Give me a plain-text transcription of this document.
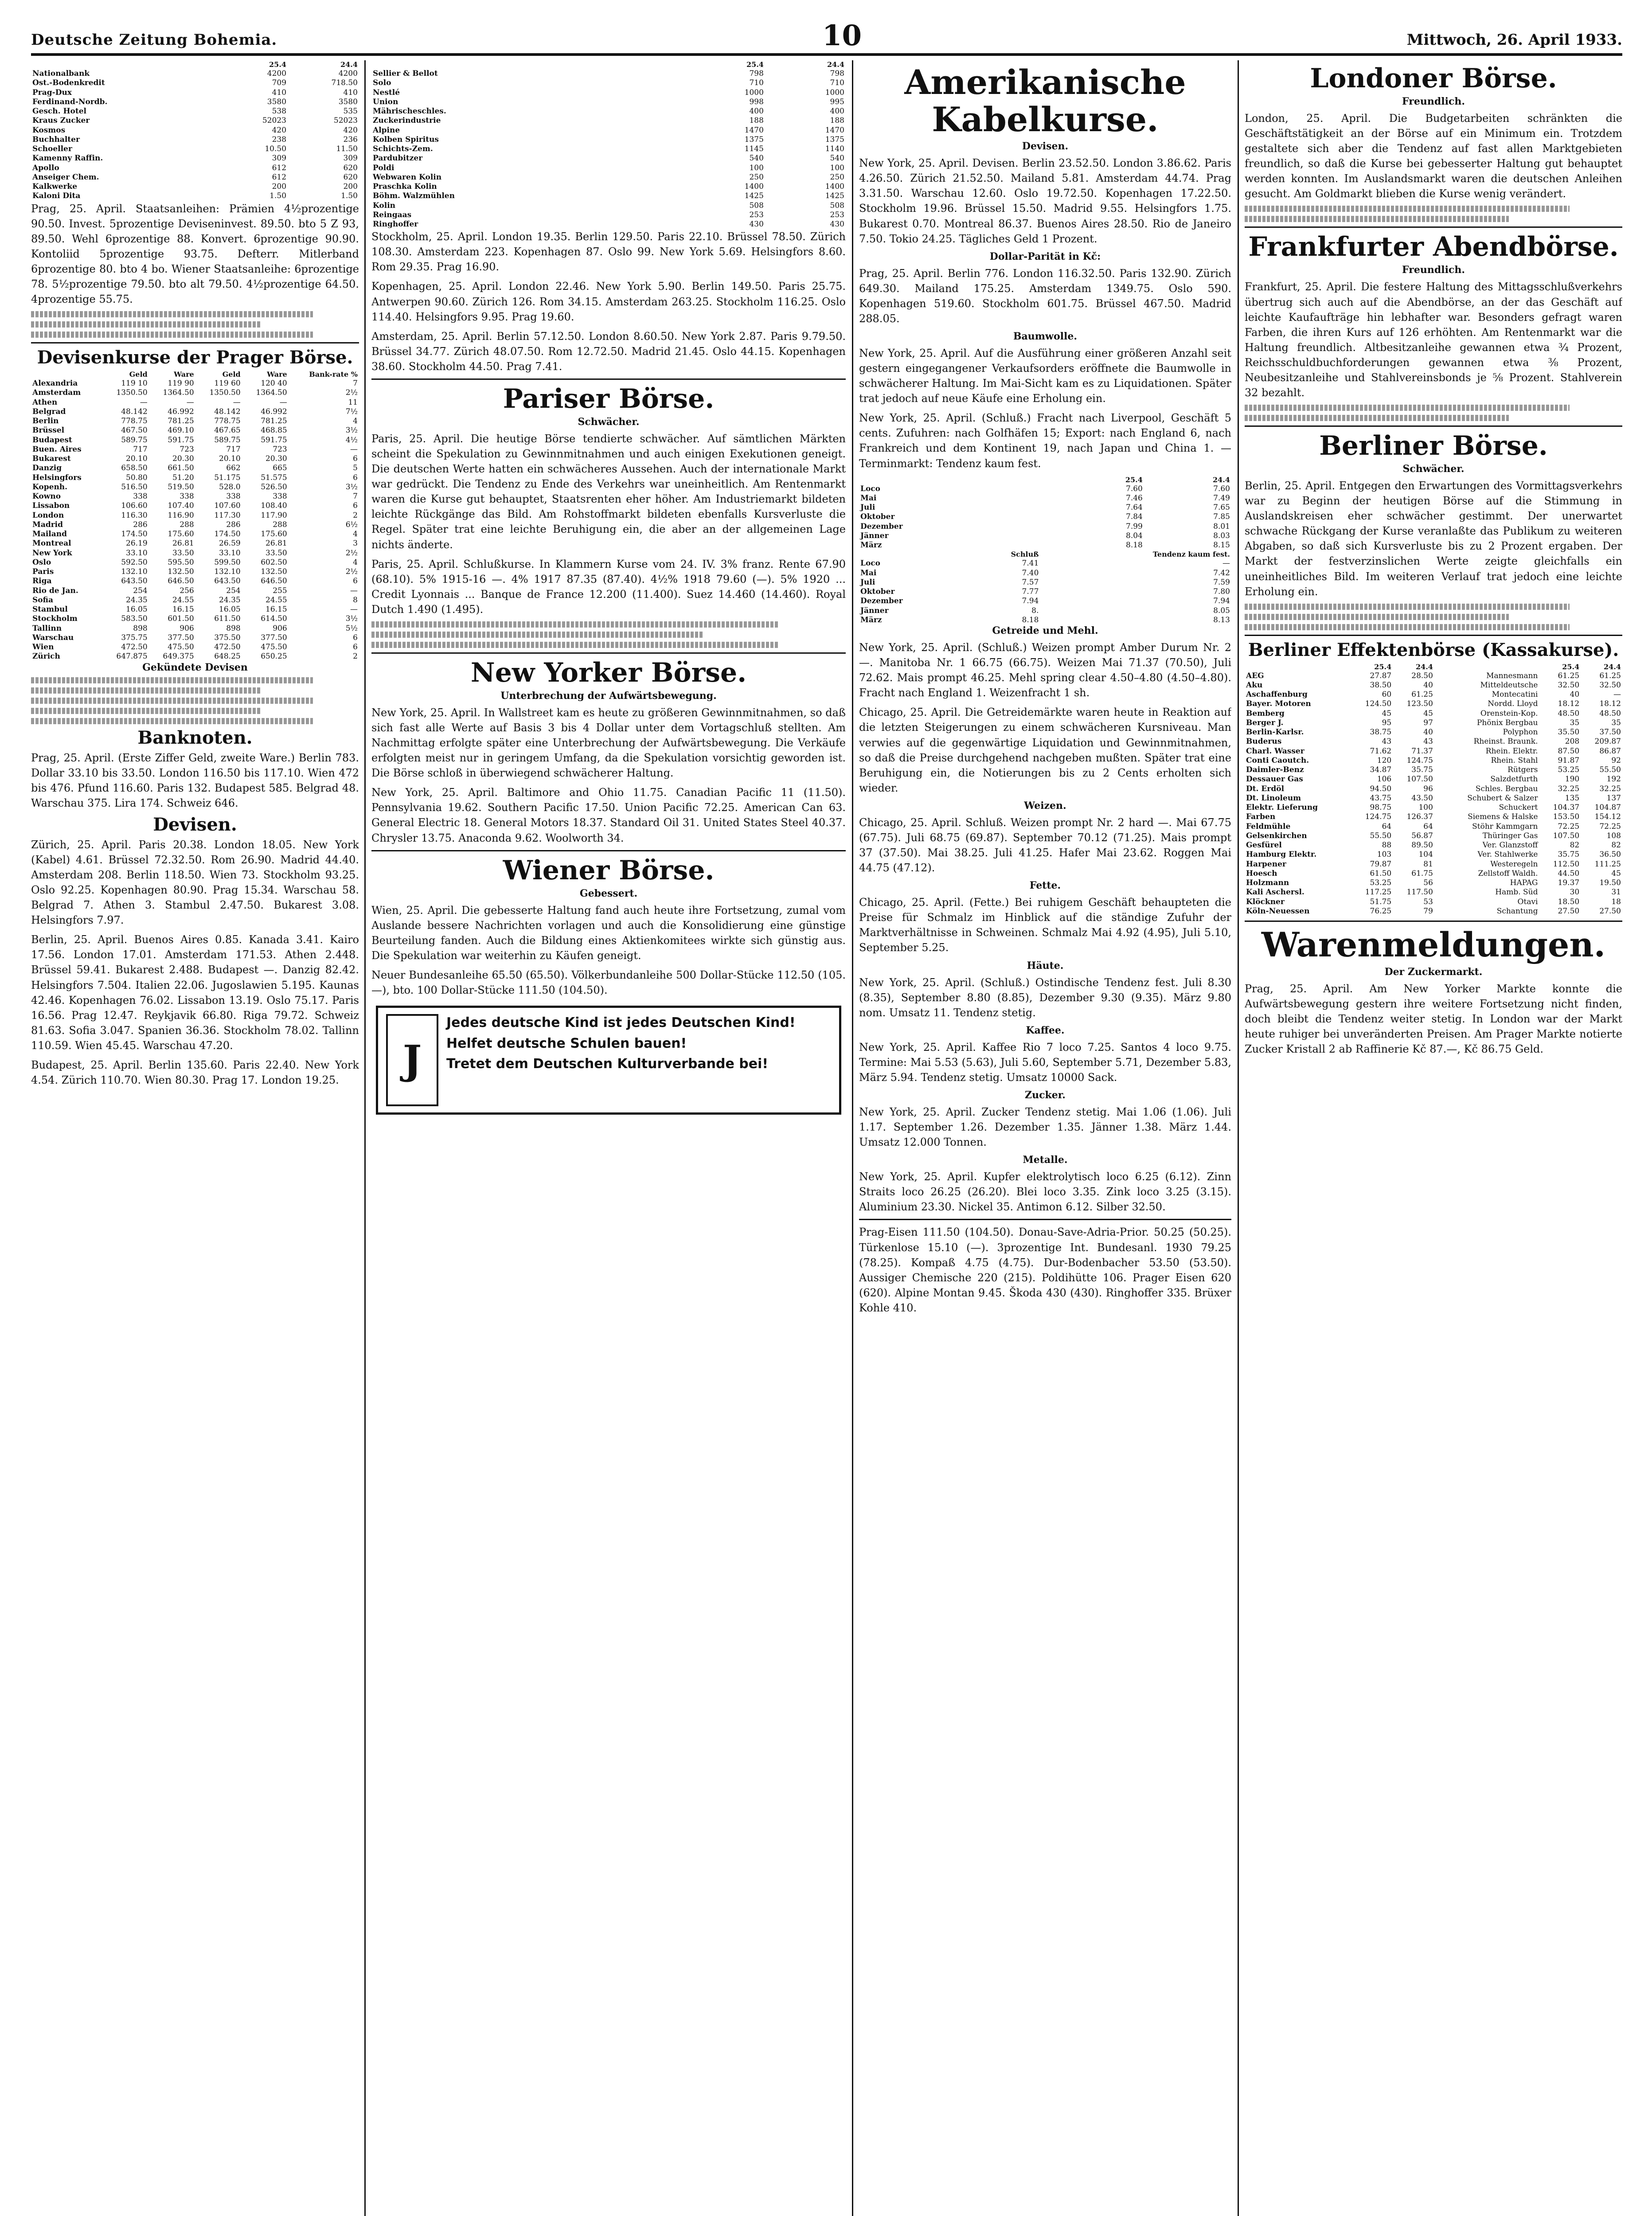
Deutsche Zeitung Bohemia.	10	Mittwoch, 26. April 1933.
	25.4	24.4
Nationalbank	4200	4200
Ost.-Bodenkredit	709	718.50
Prag-Dux	410	410
Ferdinand-Nordb.	3580	3580
Gesch. Hotel	538	535
Kraus Zucker	52023	52023
Kosmos	420	420
Buchhalter	238	236
Schoeller	10.50	11.50
Kamenny Raffin.	309	309
Apollo	612	620
Anseiger Chem.	612	620
Kalkwerke	200	200
Kaloni Dita	1.50	1.50

Prag, 25. April. Staatsanleihen: Prämien 4½prozentige 90.50. Invest. 5prozentige Deviseninvest. 89.50. bto 5 Z 93, 89.50. Wehl 6prozentige 88. Konvert. 6prozentige 90.90. Kontoliid 5prozentige 93.75. Defterr. Mitlerband 6prozentige 80. bto 4 bo. Wiener Staatsanleihe: 6prozentige 78. 5½prozentige 79.50. bto alt 79.50. 4½prozentige 64.50. 4prozentige 55.75.

Devisenkurse der Prager Börse.
	Geld	Ware	Geld	Ware	Bank-rate %
Alexandria	119 10	119 90	119 60	120 40	7
Amsterdam	1350.50	1364.50	1350.50	1364.50	2½
Athen	—	—	—	—	11
Belgrad	48.142	46.992	48.142	46.992	7½
Berlin	778.75	781.25	778.75	781.25	4
Brüssel	467.50	469.10	467.65	468.85	3½
Budapest	589.75	591.75	589.75	591.75	4½
Buen. Aires	717	723	717	723	—
Bukarest	20.10	20.30	20.10	20.30	6
Danzig	658.50	661.50	662	665	5
Helsingfors	50.80	51.20	51.175	51.575	6
Kopenh.	516.50	519.50	528.0	526.50	3½
Kowno	338	338	338	338	7
Lissabon	106.60	107.40	107.60	108.40	6
London	116.30	116.90	117.30	117.90	2
Madrid	286	288	286	288	6½
Mailand	174.50	175.60	174.50	175.60	4
Montreal	26.19	26.81	26.59	26.81	3
New York	33.10	33.50	33.10	33.50	2½
Oslo	592.50	595.50	599.50	602.50	4
Paris	132.10	132.50	132.10	132.50	2½
Riga	643.50	646.50	643.50	646.50	6
Rio de Jan.	254	256	254	255	—
Sofia	24.35	24.55	24.35	24.55	8
Stambul	16.05	16.15	16.05	16.15	—
Stockholm	583.50	601.50	611.50	614.50	3½
Tallinn	898	906	898	906	5½
Warschau	375.75	377.50	375.50	377.50	6
Wien	472.50	475.50	472.50	475.50	6
Zürich	647.875	649.375	648.25	650.25	2
Gekündete Devisen
Banknoten.

Prag, 25. April. (Erste Ziffer Geld, zweite Ware.) Berlin 783. Dollar 33.10 bis 33.50. London 116.50 bis 117.10. Wien 472 bis 476. Pfund 116.60. Paris 132. Budapest 585. Belgrad 48. Warschau 375. Lira 174. Schweiz 646.

Devisen.

Zürich, 25. April. Paris 20.38. London 18.05. New York (Kabel) 4.61. Brüssel 72.32.50. Rom 26.90. Madrid 44.40. Amsterdam 208. Berlin 118.50. Wien 73. Stockholm 93.25. Oslo 92.25. Kopenhagen 80.90. Prag 15.34. Warschau 58. Belgrad 7. Athen 3. Stambul 2.47.50. Bukarest 3.08. Helsingfors 7.97.

Berlin, 25. April. Buenos Aires 0.85. Kanada 3.41. Kairo 17.56. London 17.01. Amsterdam 171.53. Athen 2.448. Brüssel 59.41. Bukarest 2.488. Budapest —. Danzig 82.42. Helsingfors 7.504. Italien 22.06. Jugoslawien 5.195. Kaunas 42.46. Kopenhagen 76.02. Lissabon 13.19. Oslo 75.17. Paris 16.56. Prag 12.47. Reykjavik 66.80. Riga 79.72. Schweiz 81.63. Sofia 3.047. Spanien 36.36. Stockholm 78.02. Tallinn 110.59. Wien 45.45. Warschau 47.20.

Budapest, 25. April. Berlin 135.60. Paris 22.40. New York 4.54. Zürich 110.70. Wien 80.30. Prag 17. London 19.25.

	25.4	24.4
Sellier & Bellot	798	798
Solo	710	710
Nestlé	1000	1000
Union	998	995
Mährischeschles.	400	400
Zuckerindustrie	188	188
Alpine	1470	1470
Kolben Spiritus	1375	1375
Schichts-Zem.	1145	1140
Pardubitzer	540	540
Poldi	100	100
Webwaren Kolin	250	250
Praschka Kolin	1400	1400
Böhm. Walzmühlen	1425	1425
Kolin	508	508
Reingaas	253	253
Ringhoffer	430	430

Stockholm, 25. April. London 19.35. Berlin 129.50. Paris 22.10. Brüssel 78.50. Zürich 108.30. Amsterdam 223. Kopenhagen 87. Oslo 99. New York 5.69. Helsingfors 8.60. Rom 29.35. Prag 16.90.

Kopenhagen, 25. April. London 22.46. New York 5.90. Berlin 149.50. Paris 25.75. Antwerpen 90.60. Zürich 126. Rom 34.15. Amsterdam 263.25. Stockholm 116.25. Oslo 114.40. Helsingfors 9.95. Prag 19.60.

Amsterdam, 25. April. Berlin 57.12.50. London 8.60.50. New York 2.87. Paris 9.79.50. Brüssel 34.77. Zürich 48.07.50. Rom 12.72.50. Madrid 21.45. Oslo 44.15. Kopenhagen 38.60. Stockholm 44.50. Prag 7.41.

Pariser Börse.
Schwächer.

Paris, 25. April. Die heutige Börse tendierte schwächer. Auf sämtlichen Märkten scheint die Spekulation zu Gewinnmitnahmen und auch einigen Exekutionen geneigt. Die deutschen Werte hatten ein schwächeres Aussehen. Auch der internationale Markt war gedrückt. Die Tendenz zu Ende des Verkehrs war uneinheitlich. Am Rentenmarkt waren die Kurse gut behauptet, Staatsrenten eher höher. Am Industriemarkt bildeten leichte Rückgänge das Bild. Am Rohstoffmarkt bildeten ebenfalls Kursverluste die Regel. Später trat eine leichte Beruhigung ein, die aber an der allgemeinen Lage nichts änderte.

Paris, 25. April. Schlußkurse. In Klammern Kurse vom 24. IV. 3% franz. Rente 67.90 (68.10). 5% 1915-16 —. 4% 1917 87.35 (87.40). 4½% 1918 79.60 (—). 5% 1920 ... Credit Lyonnais ... Banque de France 12.200 (11.400). Suez 14.460 (14.460). Royal Dutch 1.490 (1.495).

New Yorker Börse.
Unterbrechung der Aufwärtsbewegung.

New York, 25. April. In Wallstreet kam es heute zu größeren Gewinnmitnahmen, so daß sich fast alle Werte auf Basis 3 bis 4 Dollar unter dem Vortagschluß stellten. Am Nachmittag erfolgte später eine Unterbrechung der Aufwärtsbewegung. Die Verkäufe erfolgten meist nur in geringem Umfang, da die Spekulation vorsichtig geworden ist. Die Börse schloß in überwiegend schwächerer Haltung.

New York, 25. April. Baltimore and Ohio 11.75. Canadian Pacific 11 (11.50). Pennsylvania 19.62. Southern Pacific 17.50. Union Pacific 72.25. American Can 63. General Electric 18. General Motors 18.37. Standard Oil 31. United States Steel 40.37. Chrysler 13.75. Anaconda 9.62. Woolworth 34.

Wiener Börse.
Gebessert.

Wien, 25. April. Die gebesserte Haltung fand auch heute ihre Fortsetzung, zumal vom Auslande bessere Nachrichten vorlagen und auch die Konsolidierung eine günstige Beurteilung fanden. Auch die Bildung eines Aktienkomitees wirkte sich günstig aus. Die Spekulation war weiterhin zu Käufen geneigt.

Neuer Bundesanleihe 65.50 (65.50). Völkerbundanleihe 500 Dollar-Stücke 112.50 (105.—), bto. 100 Dollar-Stücke 111.50 (104.50).

J
Jedes deutsche Kind ist jedes Deutschen Kind!
Helfet deutsche Schulen bauen!
Tretet dem Deutschen Kulturverbande bei!
Amerikanische Kabelkurse.
Devisen.

New York, 25. April. Devisen. Berlin 23.52.50. London 3.86.62. Paris 4.26.50. Zürich 21.52.50. Mailand 5.81. Amsterdam 44.74. Prag 3.31.50. Warschau 12.60. Oslo 19.72.50. Kopenhagen 17.22.50. Stockholm 19.96. Brüssel 15.50. Madrid 9.55. Helsingfors 1.75. Bukarest 0.70. Montreal 86.37. Buenos Aires 28.50. Rio de Janeiro 7.50. Tokio 24.25. Tägliches Geld 1 Prozent.

Dollar-Parität in Kč:

Prag, 25. April. Berlin 776. London 116.32.50. Paris 132.90. Zürich 649.30. Mailand 175.25. Amsterdam 1349.75. Oslo 590. Kopenhagen 519.60. Stockholm 601.75. Brüssel 467.50. Madrid 288.05.

Baumwolle.

New York, 25. April. Auf die Ausführung einer größeren Anzahl seit gestern eingegangener Verkaufsorders eröffnete die Baumwolle in schwächerer Haltung. Im Mai-Sicht kam es zu Liquidationen. Später trat jedoch auf neue Käufe eine Erholung ein.

New York, 25. April. (Schluß.) Fracht nach Liverpool, Geschäft 5 cents. Zufuhren: nach Golfhäfen 15; Export: nach England 6, nach Frankreich und dem Kontinent 19, nach Japan und China 1. — Terminmarkt: Tendenz kaum fest.

	25.4	24.4
Loco	7.60	7.60
Mai	7.46	7.49
Juli	7.64	7.65
Oktober	7.84	7.85
Dezember	7.99	8.01
Jänner	8.04	8.03
März	8.18	8.15
	Schluß	Tendenz kaum fest.
Loco	7.41	—
Mai	7.40	7.42
Juli	7.57	7.59
Oktober	7.77	7.80
Dezember	7.94	7.94
Jänner	8.	8.05
März	8.18	8.13
Getreide und Mehl.

New York, 25. April. (Schluß.) Weizen prompt Amber Durum Nr. 2 —. Manitoba Nr. 1 66.75 (66.75). Weizen Mai 71.37 (70.50), Juli 72.62. Mais prompt 46.25. Mehl spring clear 4.50–4.80 (4.50–4.80). Fracht nach England 1. Weizenfracht 1 sh.

Chicago, 25. April. Die Getreidemärkte waren heute in Reaktion auf die letzten Steigerungen zu einem schwächeren Kursniveau. Man verwies auf die gegenwärtige Liquidation und Gewinnmitnahmen, so daß die Preise durchgehend nachgeben mußten. Später trat eine Beruhigung ein, die Notierungen bis zu 2 Cents erholten sich wieder.

Weizen.

Chicago, 25. April. Schluß. Weizen prompt Nr. 2 hard —. Mai 67.75 (67.75). Juli 68.75 (69.87). September 70.12 (71.25). Mais prompt 37 (37.50). Mai 38.25. Juli 41.25. Hafer Mai 23.62. Roggen Mai 44.75 (47.12).

Fette.

Chicago, 25. April. (Fette.) Bei ruhigem Geschäft behaupteten die Preise für Schmalz im Hinblick auf die ständige Zufuhr der Marktverhältnisse in Schweinen. Schmalz Mai 4.92 (4.95), Juli 5.10, September 5.25.

Häute.

New York, 25. April. (Schluß.) Ostindische Tendenz fest. Juli 8.30 (8.35), September 8.80 (8.85), Dezember 9.30 (9.35). März 9.80 nom. Umsatz 11. Tendenz stetig.

Kaffee.

New York, 25. April. Kaffee Rio 7 loco 7.25. Santos 4 loco 9.75. Termine: Mai 5.53 (5.63), Juli 5.60, September 5.71, Dezember 5.83, März 5.94. Tendenz stetig. Umsatz 10000 Sack.

Zucker.

New York, 25. April. Zucker Tendenz stetig. Mai 1.06 (1.06). Juli 1.17. September 1.26. Dezember 1.35. Jänner 1.38. März 1.44. Umsatz 12.000 Tonnen.

Metalle.

New York, 25. April. Kupfer elektrolytisch loco 6.25 (6.12). Zinn Straits loco 26.25 (26.20). Blei loco 3.35. Zink loco 3.25 (3.15). Aluminium 23.30. Nickel 35. Antimon 6.12. Silber 32.50.

Prag-Eisen 111.50 (104.50). Donau-Save-Adria-Prior. 50.25 (50.25). Türkenlose 15.10 (—). 3prozentige Int. Bundesanl. 1930 79.25 (78.25). Kompaß 4.75 (4.75). Dur-Bodenbacher 53.50 (53.50). Aussiger Chemische 220 (215). Poldihütte 106. Prager Eisen 620 (620). Alpine Montan 9.45. Škoda 430 (430). Ringhoffer 335. Brüxer Kohle 410.

Londoner Börse.
Freundlich.

London, 25. April. Die Budgetarbeiten schränkten die Geschäftstätigkeit an der Börse auf ein Minimum ein. Trotzdem gestaltete sich aber die Tendenz auf fast allen Marktgebieten freundlich, so daß die Kurse bei gebesserter Haltung gut behauptet werden konnten. Im Auslandsmarkt waren die deutschen Anleihen gesucht. Am Goldmarkt blieben die Kurse wenig verändert.

Frankfurter Abendbörse.
Freundlich.

Frankfurt, 25. April. Die festere Haltung des Mittagsschlußverkehrs übertrug sich auch auf die Abendbörse, an der das Geschäft auf leichte Kaufaufträge hin lebhafter war. Besonders gefragt waren Farben, die ihren Kurs auf 126 erhöhten. Am Rentenmarkt war die Haltung freundlich. Altbesitzanleihe gewannen etwa ¾ Prozent, Reichsschuldbuchforderungen gewannen etwa ⅜ Prozent, Neubesitzanleihe und Stahlvereinsbonds je ⅝ Prozent. Stahlverein 32 bezahlt.

Berliner Börse.
Schwächer.

Berlin, 25. April. Entgegen den Erwartungen des Vormittagsverkehrs war zu Beginn der heutigen Börse auf die Stimmung in Auslandskreisen eher schwächer gestimmt. Der unerwartet schwache Rückgang der Kurse veranlaßte das Publikum zu weiteren Abgaben, so daß sich Kursverluste bis zu 2 Prozent ergaben. Der Markt der festverzinslichen Werte zeigte gleichfalls ein uneinheitliches Bild. Im weiteren Verlauf trat jedoch eine leichte Erholung ein.

Berliner Effektenbörse (Kassakurse).
	25.4	24.4		25.4	24.4
AEG	27.87	28.50	Mannesmann	61.25	61.25
Aku	38.50	40	Mitteldeutsche	32.50	32.50
Aschaffenburg	60	61.25	Montecatini	40	—
Bayer. Motoren	124.50	123.50	Nordd. Lloyd	18.12	18.12
Bemberg	45	45	Orenstein-Kop.	48.50	48.50
Berger J.	95	97	Phönix Bergbau	35	35
Berlin-Karlsr.	38.75	40	Polyphon	35.50	37.50
Buderus	43	43	Rheinst. Braunk.	208	209.87
Charl. Wasser	71.62	71.37	Rhein. Elektr.	87.50	86.87
Conti Caoutch.	120	124.75	Rhein. Stahl	91.87	92
Daimler-Benz	34.87	35.75	Rütgers	53.25	55.50
Dessauer Gas	106	107.50	Salzdetfurth	190	192
Dt. Erdöl	94.50	96	Schles. Bergbau	32.25	32.25
Dt. Linoleum	43.75	43.50	Schubert & Salzer	135	137
Elektr. Lieferung	98.75	100	Schuckert	104.37	104.87
Farben	124.75	126.37	Siemens & Halske	153.50	154.12
Feldmühle	64	64	Stöhr Kammgarn	72.25	72.25
Gelsenkirchen	55.50	56.87	Thüringer Gas	107.50	108
Gesfürel	88	89.50	Ver. Glanzstoff	82	82
Hamburg Elektr.	103	104	Ver. Stahlwerke	35.75	36.50
Harpener	79.87	81	Westeregeln	112.50	111.25
Hoesch	61.50	61.75	Zellstoff Waldh.	44.50	45
Holzmann	53.25	56	HAPAG	19.37	19.50
Kali Aschersl.	117.25	117.50	Hamb. Süd	30	31
Klöckner	51.75	53	Otavi	18.50	18
Köln-Neuessen	76.25	79	Schantung	27.50	27.50
Warenmeldungen.
Der Zuckermarkt.

Prag, 25. April. Am New Yorker Markte konnte die Aufwärtsbewegung gestern ihre weitere Fortsetzung nicht finden, doch bleibt die Tendenz weiter stetig. In London war der Markt heute ruhiger bei unveränderten Preisen. Am Prager Markte notierte Zucker Kristall 2 ab Raffinerie Kč 87.—, Kč 86.75 Geld.
